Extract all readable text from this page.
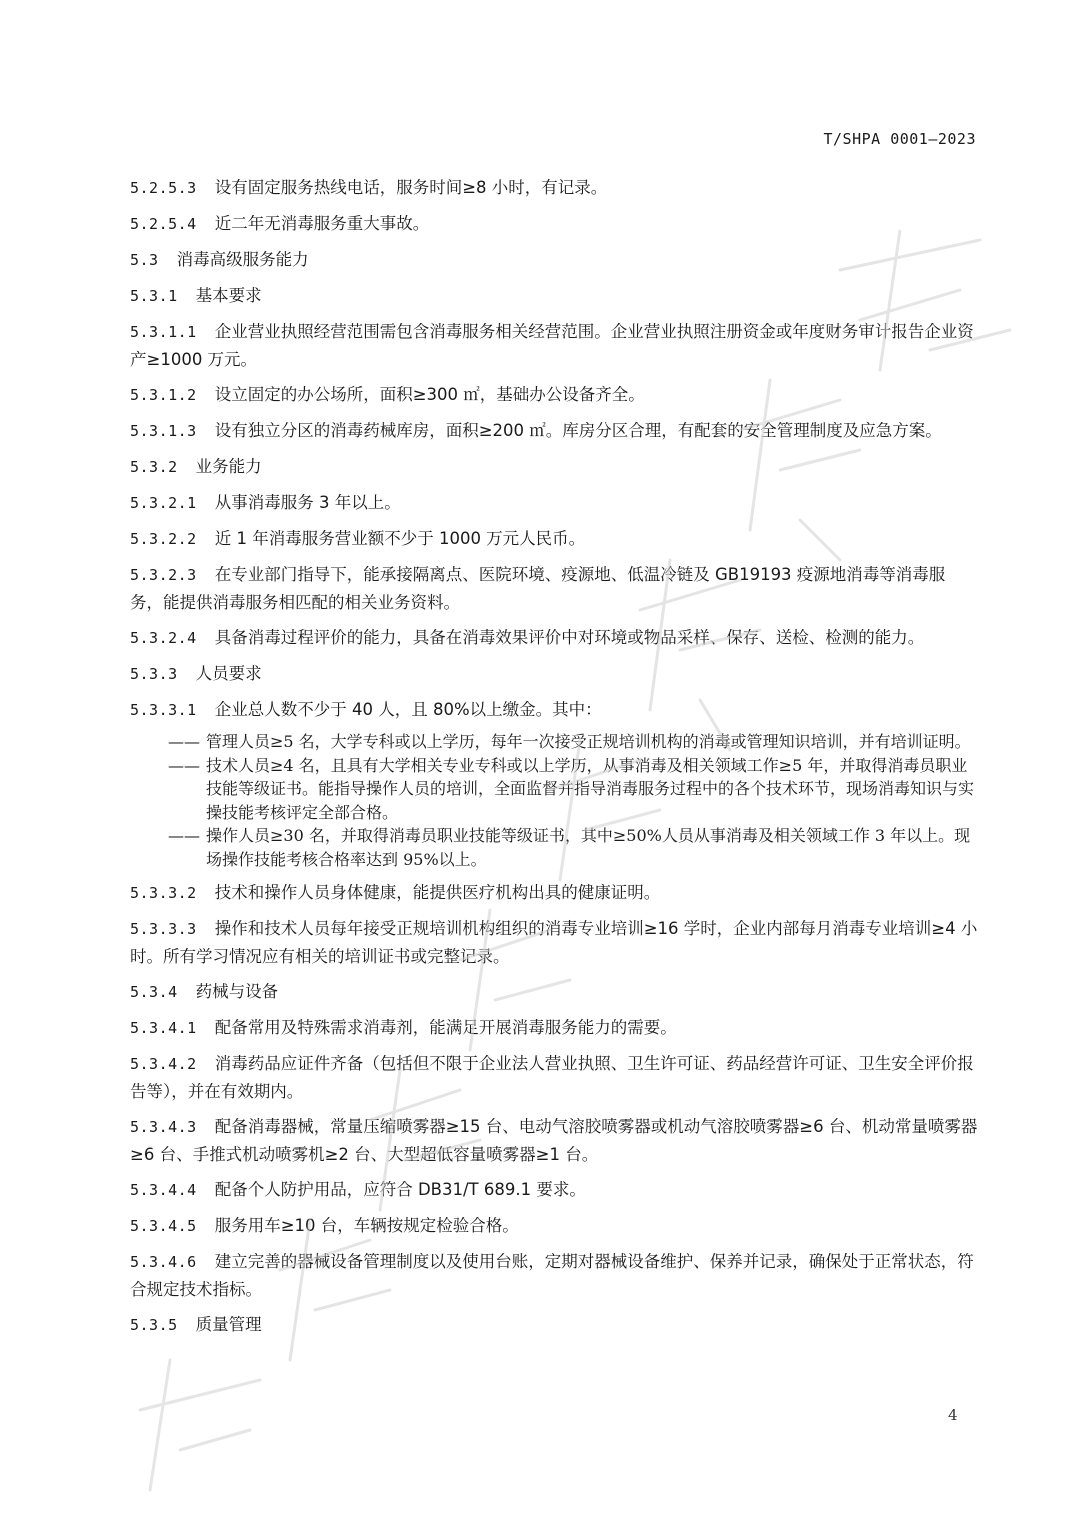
T/SHPA 0001—2023
5.2.5.3 设有固定服务热线电话，服务时间≥8 小时，有记录。
5.2.5.4 近二年无消毒服务重大事故。
5.3 消毒高级服务能力
5.3.1 基本要求
5.3.1.1 企业营业执照经营范围需包含消毒服务相关经营范围。企业营业执照注册资金或年度财务审计报告企业资产≥1000 万元。
5.3.1.2 设立固定的办公场所，面积≥300 ㎡，基础办公设备齐全。
5.3.1.3 设有独立分区的消毒药械库房，面积≥200 ㎡。库房分区合理，有配套的安全管理制度及应急方案。
5.3.2 业务能力
5.3.2.1 从事消毒服务 3 年以上。
5.3.2.2 近 1 年消毒服务营业额不少于 1000 万元人民币。
5.3.2.3 在专业部门指导下，能承接隔离点、医院环境、疫源地、低温冷链及 GB19193 疫源地消毒等消毒服务，能提供消毒服务相匹配的相关业务资料。
5.3.2.4 具备消毒过程评价的能力，具备在消毒效果评价中对环境或物品采样、保存、送检、检测的能力。
5.3.3 人员要求
5.3.3.1 企业总人数不少于 40 人，且 80%以上缴金。其中：
—— 管理人员≥5 名，大学专科或以上学历，每年一次接受正规培训机构的消毒或管理知识培训，并有培训证明。
—— 技术人员≥4 名，且具有大学相关专业专科或以上学历，从事消毒及相关领域工作≥5 年，并取得消毒员职业技能等级证书。能指导操作人员的培训，全面监督并指导消毒服务过程中的各个技术环节，现场消毒知识与实操技能考核评定全部合格。
—— 操作人员≥30 名，并取得消毒员职业技能等级证书，其中≥50%人员从事消毒及相关领域工作 3 年以上。现场操作技能考核合格率达到 95%以上。
5.3.3.2 技术和操作人员身体健康，能提供医疗机构出具的健康证明。
5.3.3.3 操作和技术人员每年接受正规培训机构组织的消毒专业培训≥16 学时，企业内部每月消毒专业培训≥4 小时。所有学习情况应有相关的培训证书或完整记录。
5.3.4 药械与设备
5.3.4.1 配备常用及特殊需求消毒剂，能满足开展消毒服务能力的需要。
5.3.4.2 消毒药品应证件齐备（包括但不限于企业法人营业执照、卫生许可证、药品经营许可证、卫生安全评价报告等），并在有效期内。
5.3.4.3 配备消毒器械，常量压缩喷雾器≥15 台、电动气溶胶喷雾器或机动气溶胶喷雾器≥6 台、机动常量喷雾器≥6 台、手推式机动喷雾机≥2 台、大型超低容量喷雾器≥1 台。
5.3.4.4 配备个人防护用品，应符合 DB31/T 689.1 要求。
5.3.4.5 服务用车≥10 台，车辆按规定检验合格。
5.3.4.6 建立完善的器械设备管理制度以及使用台账，定期对器械设备维护、保养并记录，确保处于正常状态，符合规定技术指标。
5.3.5 质量管理
4
